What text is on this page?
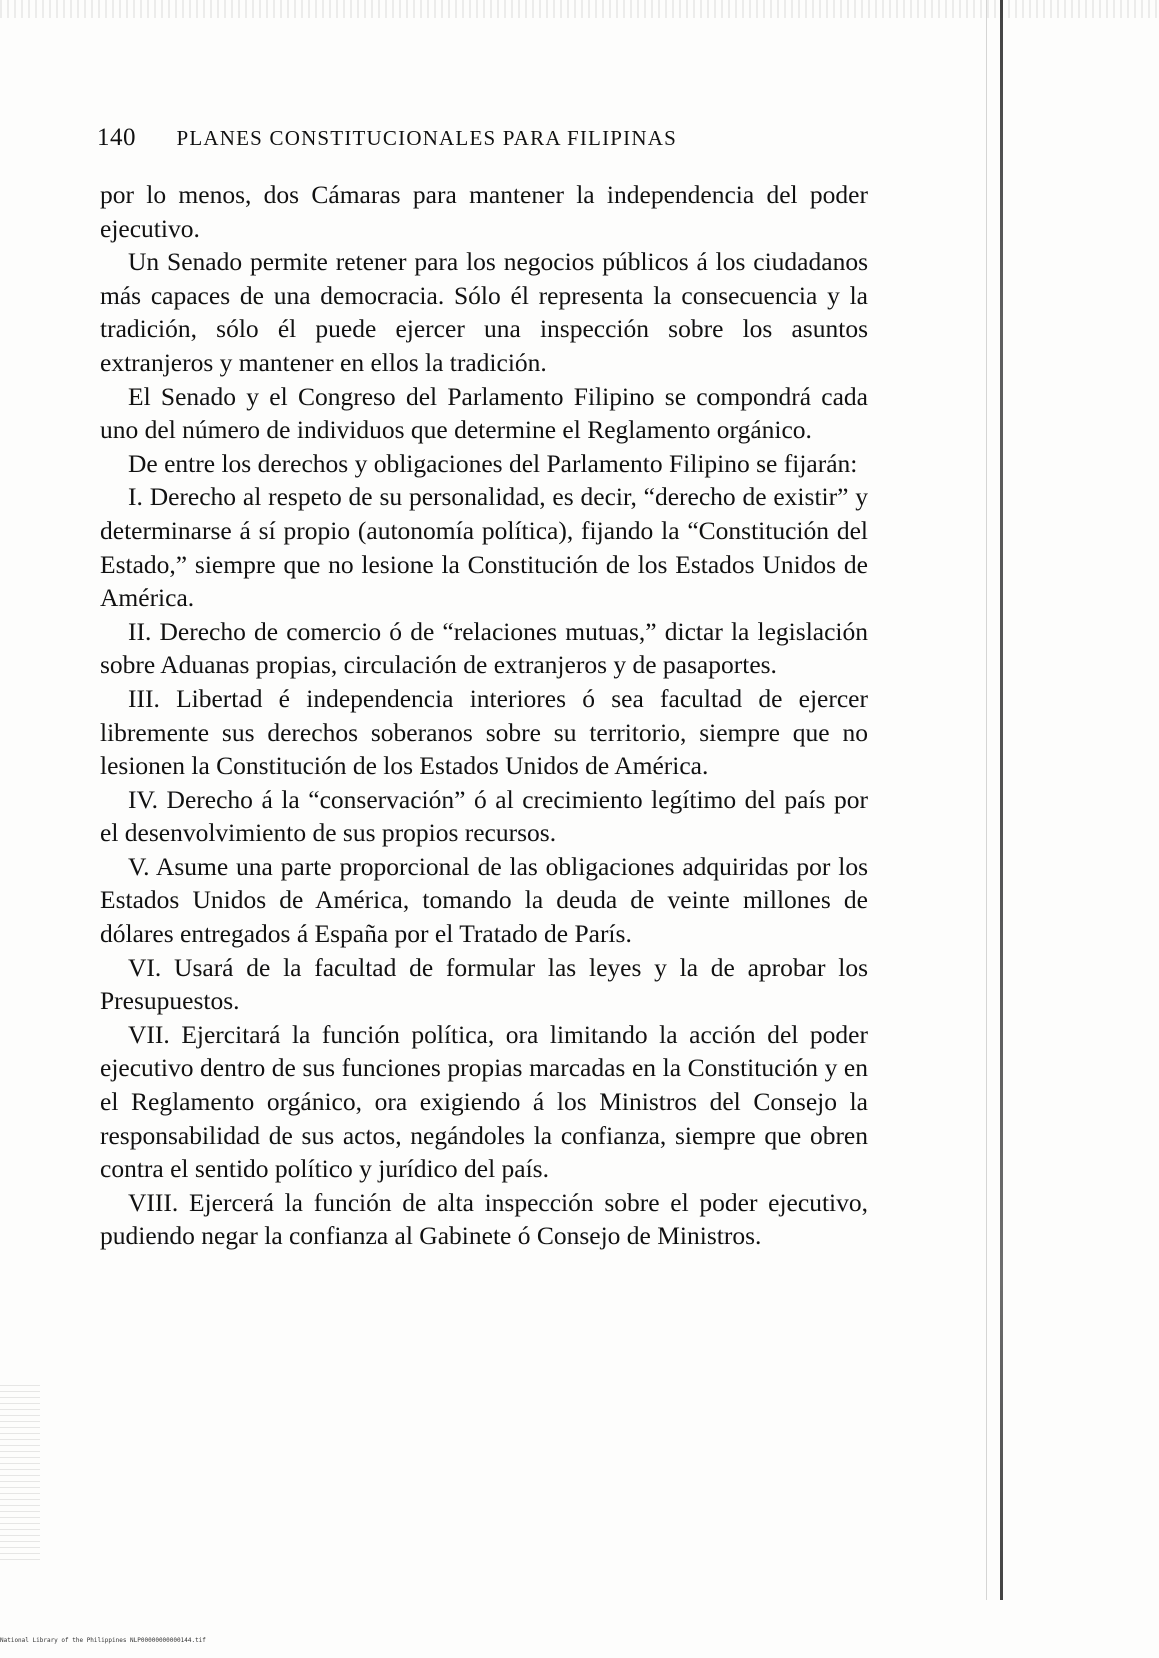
140 PLANES CONSTITUCIONALES PARA FILIPINAS

por lo menos, dos Cámaras para mantener la independencia del poder ejecutivo.

Un Senado permite retener para los negocios públicos á los ciudadanos más capaces de una democracia. Sólo él representa la consecuencia y la tradición, sólo él puede ejercer una inspección sobre los asuntos extranjeros y mantener en ellos la tradición.

El Senado y el Congreso del Parlamento Filipino se compondrá cada uno del número de individuos que determine el Reglamento orgánico.

De entre los derechos y obligaciones del Parlamento Filipino se fijarán:

I. Derecho al respeto de su personalidad, es decir, “derecho de existir” y determinarse á sí propio (autonomía política), fijando la “Constitución del Estado,” siempre que no lesione la Constitución de los Estados Unidos de América.

II. Derecho de comercio ó de “relaciones mutuas,” dictar la legislación sobre Aduanas propias, circulación de extranjeros y de pasaportes.

III. Libertad é independencia interiores ó sea facultad de ejercer libremente sus derechos soberanos sobre su territorio, siempre que no lesionen la Constitución de los Estados Unidos de América.

IV. Derecho á la “conservación” ó al crecimiento legítimo del país por el desenvolvimiento de sus propios recursos.

V. Asume una parte proporcional de las obligaciones adquiridas por los Estados Unidos de América, tomando la deuda de veinte millones de dólares entregados á España por el Tratado de París.

VI. Usará de la facultad de formular las leyes y la de aprobar los Presupuestos.

VII. Ejercitará la función política, ora limitando la acción del poder ejecutivo dentro de sus funciones propias marcadas en la Constitución y en el Reglamento orgánico, ora exigiendo á los Ministros del Consejo la responsabilidad de sus actos, negándoles la confianza, siempre que obren contra el sentido político y jurídico del país.

VIII. Ejercerá la función de alta inspección sobre el poder ejecutivo, pudiendo negar la confianza al Gabinete ó Consejo de Ministros.

National Library of the Philippines NLP00000000000144.tif
